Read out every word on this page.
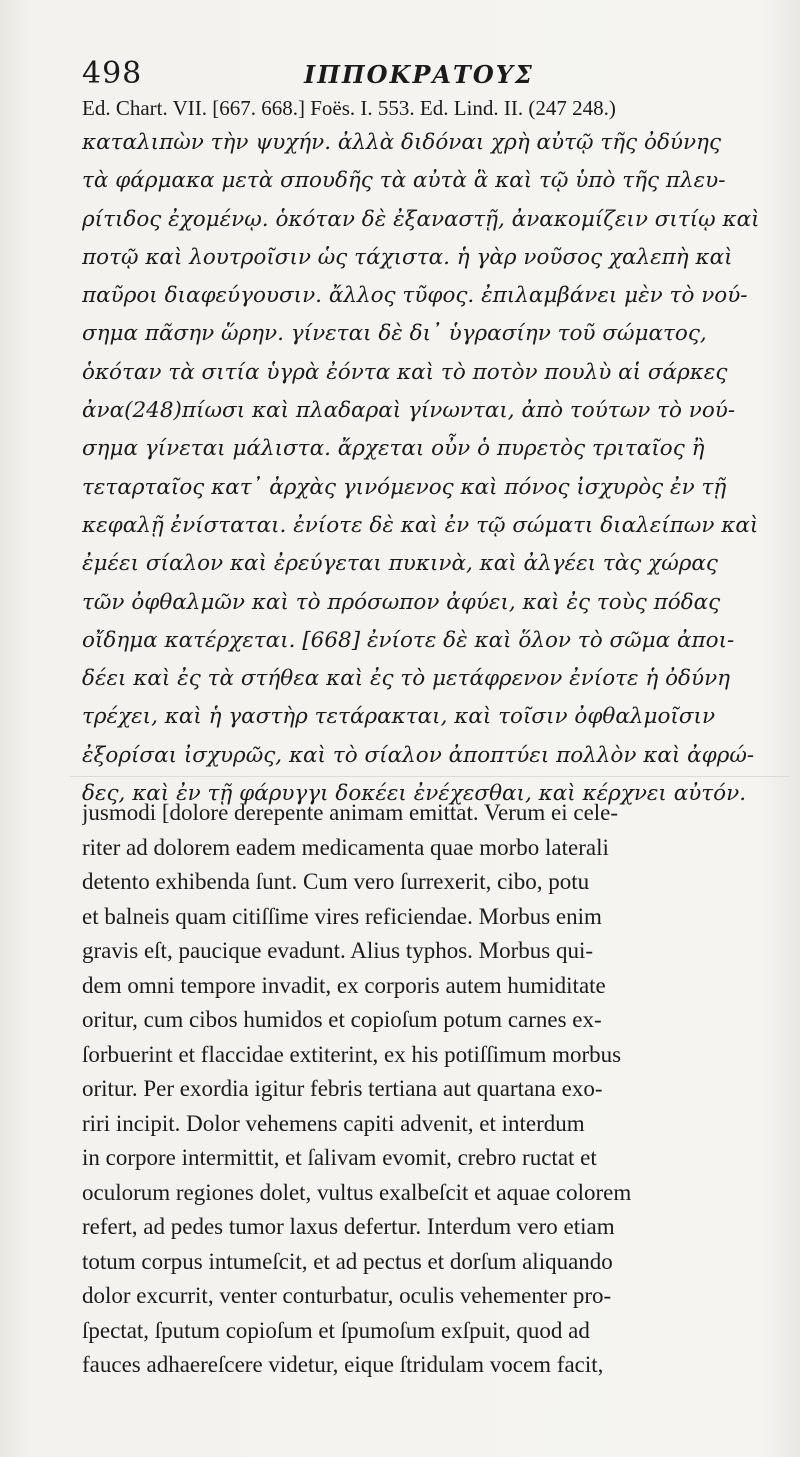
498	ΙΠΠΟΚΡΑΤΟΥΣ
Ed. Chart. VII. [667. 668.] Foës. I. 553. Ed. Lind. II. (247 248.)
καταλιπὼν τὴν ψυχήν. ἀλλὰ διδόναι χρὴ αὐτῷ τῆς ὀδύνης
τὰ φάρμακα μετὰ σπουδῆς τὰ αὐτὰ ἃ καὶ τῷ ὑπὸ τῆς πλευ-
ρίτιδος ἐχομένῳ. ὁκόταν δὲ ἐξαναστῇ, ἀνακομίζειν σιτίῳ καὶ
ποτῷ καὶ λουτροῖσιν ὡς τάχιστα. ἡ γὰρ νοῦσος χαλεπὴ καὶ
παῦροι διαφεύγουσιν. ἄλλος τῦφος. ἐπιλαμβάνει μὲν τὸ νού-
σημα πᾶσην ὥρην. γίνεται δὲ δι᾽ ὑγρασίην τοῦ σώματος,
ὁκόταν τὰ σιτία ὑγρὰ ἐόντα καὶ τὸ ποτὸν πουλὺ αἱ σάρκες
ἀνα(248)πίωσι καὶ πλαδαραὶ γίνωνται, ἀπὸ τούτων τὸ νού-
σημα γίνεται μάλιστα. ἄρχεται οὖν ὁ πυρετὸς τριταῖος ἢ
τεταρταῖος κατ᾽ ἀρχὰς γινόμενος καὶ πόνος ἰσχυρὸς ἐν τῇ
κεφαλῇ ἐνίσταται. ἐνίοτε δὲ καὶ ἐν τῷ σώματι διαλείπων καὶ
ἐμέει σίαλον καὶ ἐρεύγεται πυκινὰ, καὶ ἀλγέει τὰς χώρας
τῶν ὀφθαλμῶν καὶ τὸ πρόσωπον ἀφύει, καὶ ἐς τοὺς πόδας
οἴδημα κατέρχεται. [668] ἐνίοτε δὲ καὶ ὅλον τὸ σῶμα ἀποι-
δέει καὶ ἐς τὰ στήθεα καὶ ἐς τὸ μετάφρενον ἐνίοτε ἡ ὀδύνη
τρέχει, καὶ ἡ γαστὴρ τετάρακται, καὶ τοῖσιν ὀφθαλμοῖσιν
ἐξορίσαι ἰσχυρῶς, καὶ τὸ σίαλον ἀποπτύει πολλὸν καὶ ἀφρώ-
δες, καὶ ἐν τῇ φάρυγγι δοκέει ἐνέχεσθαι, καὶ κέρχνει αὐτόν.
jusmodi [dolore derepente animam emittat. Verum ei cele-
riter ad dolorem eadem medicamenta quae morbo laterali
detento exhibenda ſunt. Cum vero ſurrexerit, cibo, potu
et balneis quam citiſſime vires reficiendae. Morbus enim
gravis eſt, paucique evadunt. Alius typhos. Morbus qui-
dem omni tempore invadit, ex corporis autem humiditate
oritur, cum cibos humidos et copioſum potum carnes ex-
ſorbuerint et flaccidae extiterint, ex his potiſſimum morbus
oritur. Per exordia igitur febris tertiana aut quartana exo-
riri incipit. Dolor vehemens capiti advenit, et interdum
in corpore intermittit, et ſalivam evomit, crebro ructat et
oculorum regiones dolet, vultus exalbeſcit et aquae colorem
refert, ad pedes tumor laxus defertur. Interdum vero etiam
totum corpus intumeſcit, et ad pectus et dorſum aliquando
dolor excurrit, venter conturbatur, oculis vehementer pro-
ſpectat, ſputum copioſum et ſpumoſum exſpuit, quod ad
fauces adhaereſcere videtur, eique ſtridulam vocem facit,
